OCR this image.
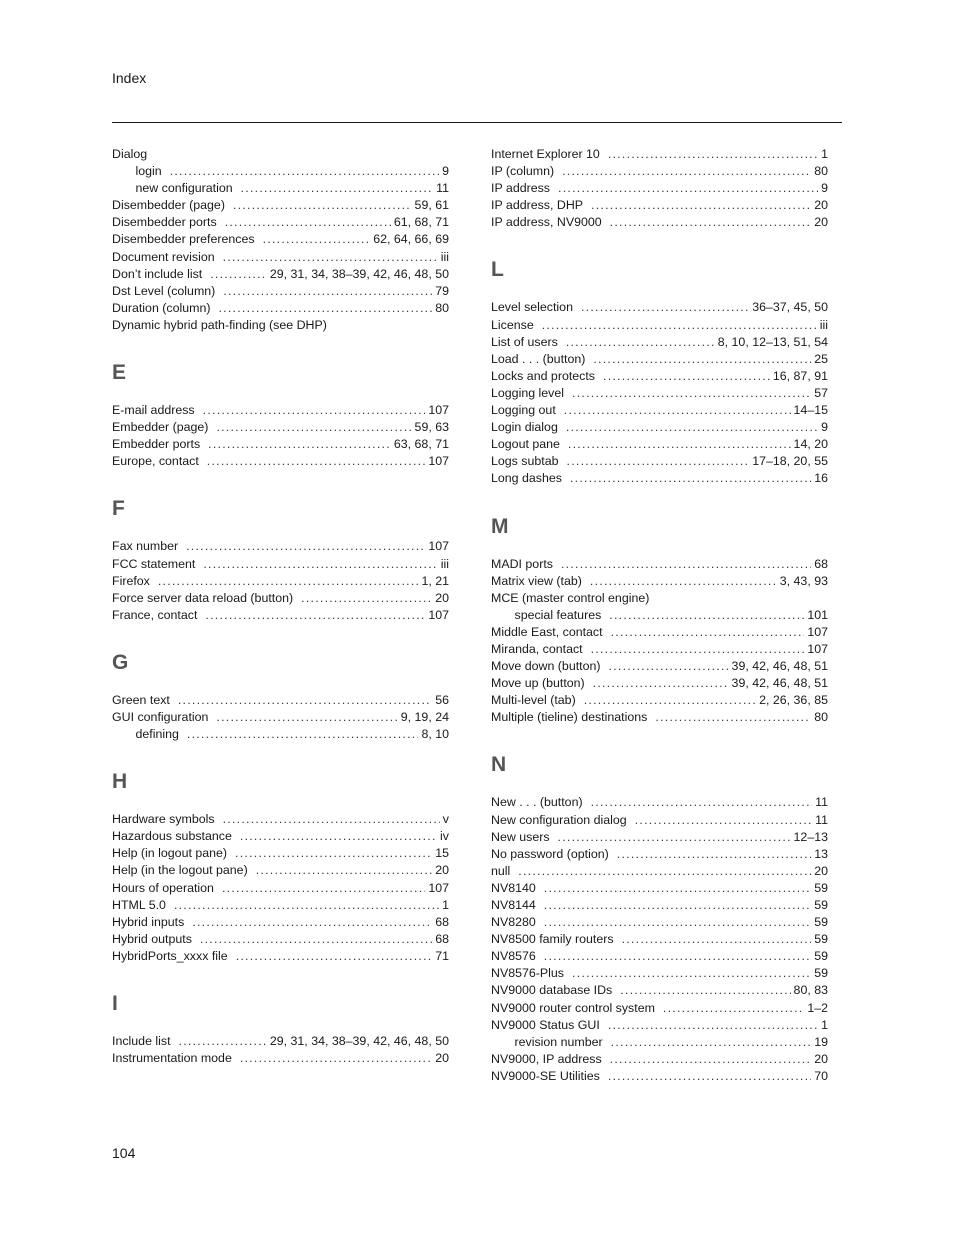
Index
Dialog
login . . .	9
new configuration . . .	11
Disembedder (page) . . .	59, 61
Disembedder ports . . .	61, 68, 71
Disembedder preferences . . .	62, 64, 66, 69
Document revision . . .	iii
Don’t include list . . .	29, 31, 34, 38–39, 42, 46, 48, 50
Dst Level (column) . . .	79
Duration (column) . . .	80
Dynamic hybrid path-finding (see DHP)
E
E-mail address . . .	107
Embedder (page) . . .	59, 63
Embedder ports . . .	63, 68, 71
Europe, contact . . .	107
F
Fax number . . .	107
FCC statement . . .	iii
Firefox . . .	1, 21
Force server data reload (button) . . .	20
France, contact . . .	107
G
Green text . . .	56
GUI configuration . . .	9, 19, 24
defining . . .	8, 10
H
Hardware symbols . . .	v
Hazardous substance . . .	iv
Help (in logout pane) . . .	15
Help (in the logout pane) . . .	20
Hours of operation . . .	107
HTML 5.0 . . .	1
Hybrid inputs . . .	68
Hybrid outputs . . .	68
HybridPorts_xxxx file . . .	71
I
Include list . . .	29, 31, 34, 38–39, 42, 46, 48, 50
Instrumentation mode . . .	20
Internet Explorer 10 . . .	1
IP (column) . . .	80
IP address . . .	9
IP address, DHP . . .	20
IP address, NV9000 . . .	20
L
Level selection . . .	36–37, 45, 50
License . . .	iii
List of users . . .	8, 10, 12–13, 51, 54
Load . . . (button) . . .	25
Locks and protects . . .	16, 87, 91
Logging level . . .	57
Logging out . . .	14–15
Login dialog . . .	9
Logout pane . . .	14, 20
Logs subtab . . .	17–18, 20, 55
Long dashes . . .	16
M
MADI ports . . .	68
Matrix view (tab) . . .	3, 43, 93
MCE (master control engine)
special features . . .	101
Middle East, contact . . .	107
Miranda, contact . . .	107
Move down (button) . . .	39, 42, 46, 48, 51
Move up (button) . . .	39, 42, 46, 48, 51
Multi-level (tab) . . .	2, 26, 36, 85
Multiple (tieline) destinations . . .	80
N
New . . . (button) . . .	11
New configuration dialog . . .	11
New users . . .	12–13
No password (option) . . .	13
null . . .	20
NV8140 . . .	59
NV8144 . . .	59
NV8280 . . .	59
NV8500 family routers . . .	59
NV8576 . . .	59
NV8576-Plus . . .	59
NV9000 database IDs . . .	80, 83
NV9000 router control system . . .	1–2
NV9000 Status GUI . . .	1
revision number . . .	19
NV9000, IP address . . .	20
NV9000-SE Utilities . . .	70
104
